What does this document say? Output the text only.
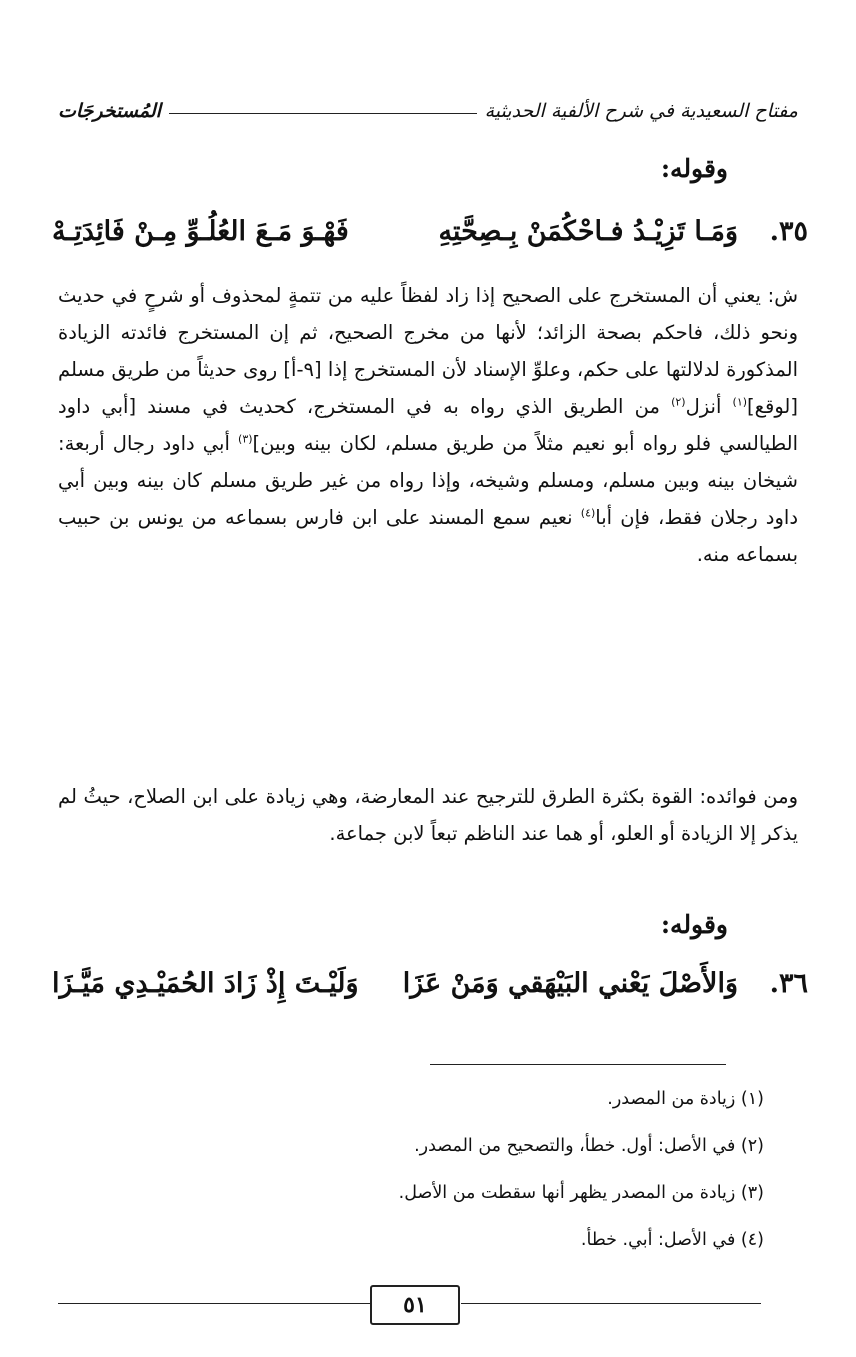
مفتاح السعيدية في شرح الألفية الحديثية
المُستخرجَات
وقوله:
٣٥.
وَمَـا تَزِيْـدُ فـاحْكُمَنْ بِـصِحَّتِهِ
فَهْـوَ مَـعَ العُلُـوِّ مِـنْ فَائِدَتِـهْ

ش: يعني أن المستخرج على الصحيح إذا زاد لفظاً عليه من تتمةٍ لمحذوف أو شرحٍ في حديث ونحو ذلك، فاحكم بصحة الزائد؛ لأنها من مخرج الصحيح، ثم إن المستخرج فائدته الزيادة المذكورة لدلالتها على حكم، وعلوِّ الإسناد لأن المستخرج إذا [٩-أ] روى حديثاً من طريق مسلم [لوقع]$^{(١)}$ أنزل$^{(٢)}$ من الطريق الذي رواه به في المستخرج، كحديث في مسند [أبي داود الطيالسي فلو رواه أبو نعيم مثلاً من طريق مسلم، لكان بينه وبين]$^{(٣)}$ أبي داود رجال أربعة: شيخان بينه وبين مسلم، ومسلم وشيخه، وإذا رواه من غير طريق مسلم كان بينه وبين أبي داود رجلان فقط، فإن أبا$^{(٤)}$ نعيم سمع المسند على ابن فارس بسماعه من يونس بن حبيب بسماعه منه.

ومن فوائده: القوة بكثرة الطرق للترجيح عند المعارضة، وهي زيادة على ابن الصلاح، حيثُ لم يذكر إلا الزيادة أو العلو، أو هما عند الناظم تبعاً لابن جماعة.

وقوله:
٣٦.
وَالأَصْلَ يَعْني البَيْهَقي وَمَنْ عَزَا
وَلَيْـتَ إِذْ زَادَ الحُمَيْـدِي مَيَّـزَا
(١) زيادة من المصدر.
(٢) في الأصل: أول. خطأ، والتصحيح من المصدر.
(٣) زيادة من المصدر يظهر أنها سقطت من الأصل.
(٤) في الأصل: أبي. خطأ.
٥١
